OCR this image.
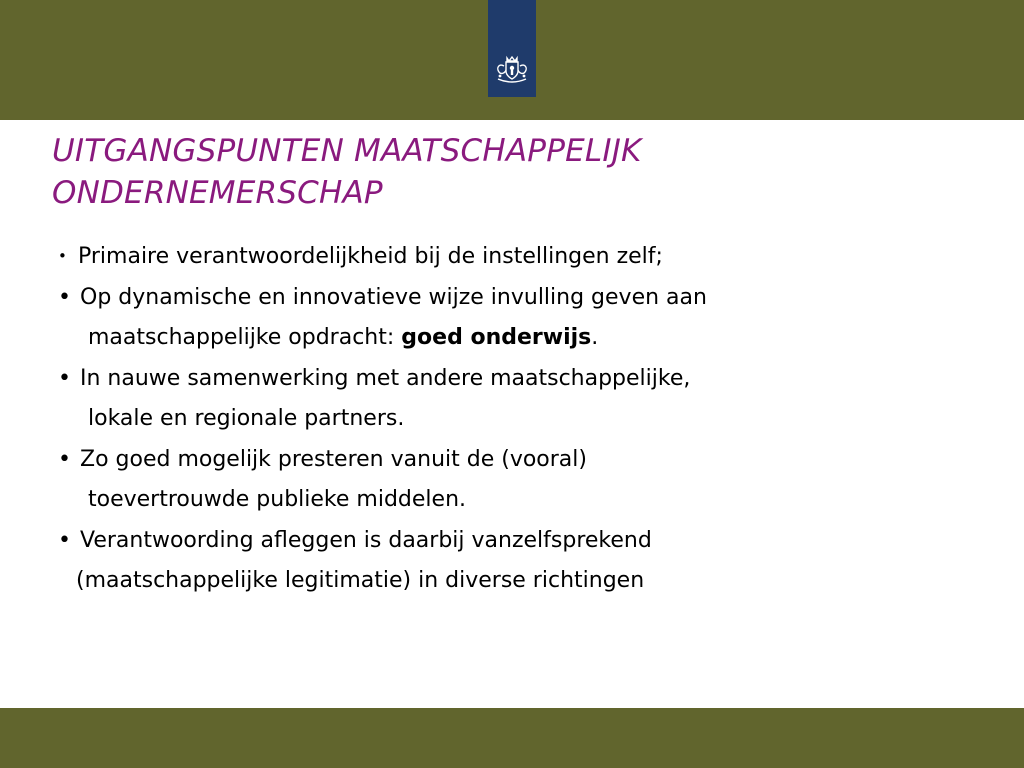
UITGANGSPUNTEN MAATSCHAPPELIJK
ONDERNEMERSCHAP
• Primaire verantwoordelijkheid bij de instellingen zelf;
• Op dynamische en innovatieve wijze invulling geven aan
maatschappelijke opdracht: goed onderwijs.
• In nauwe samenwerking met andere maatschappelijke,
lokale en regionale partners.
• Zo goed mogelijk presteren vanuit de (vooral)
toevertrouwde publieke middelen.
• Verantwoording afleggen is daarbij vanzelfsprekend
(maatschappelijke legitimatie) in diverse richtingen
